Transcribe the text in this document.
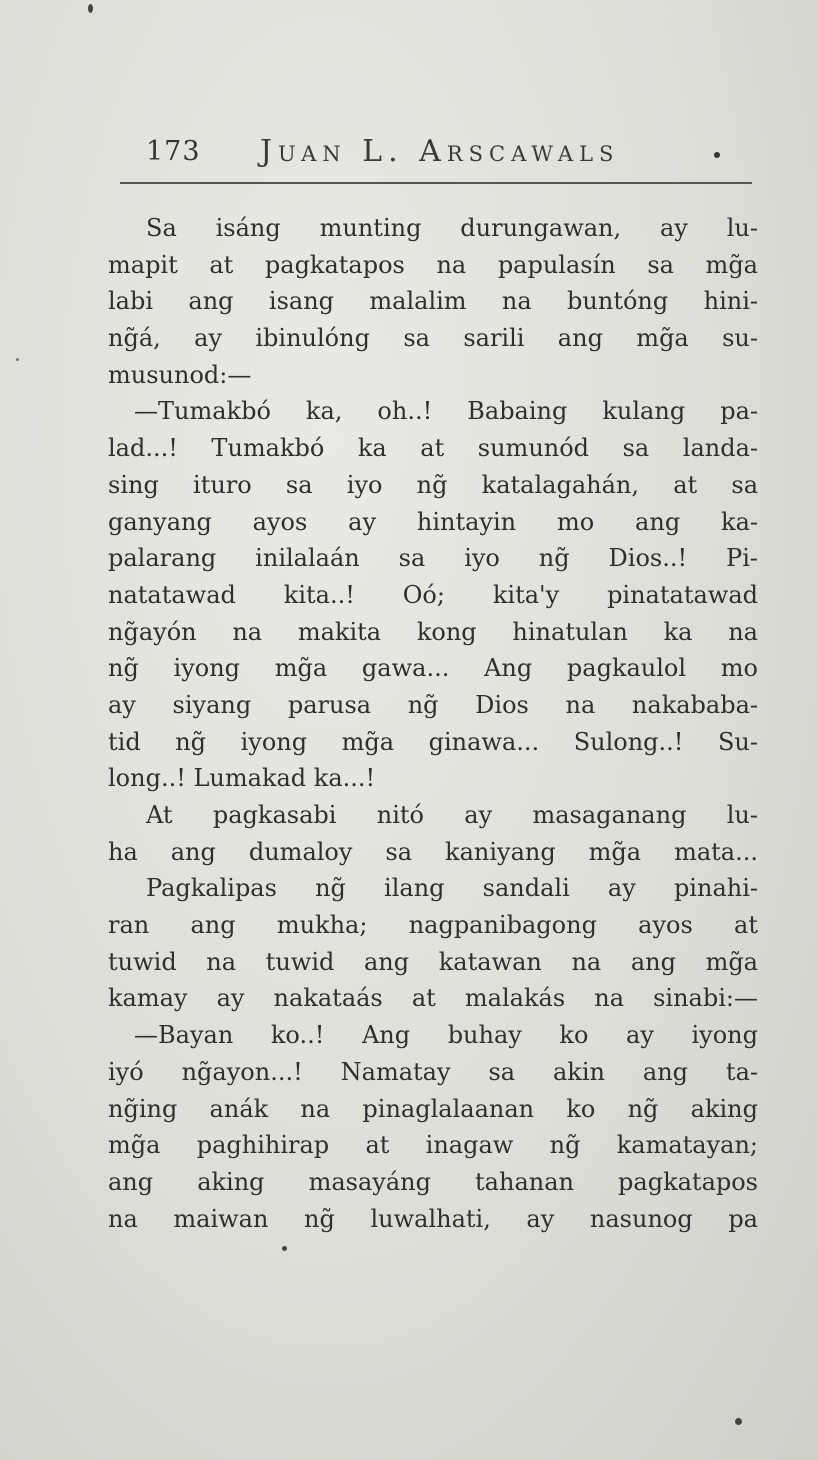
173 Juan L. Arscawals
Sa isáng munting durungawan, ay lu-
mapit at pagkatapos na papulasín sa mg̃a
labi ang isang malalim na buntóng hini-
ng̃á, ay ibinulóng sa sarili ang mg̃a su-
musunod:—
—Tumakbó ka, oh..! Babaing kulang pa-
lad...! Tumakbó ka at sumunód sa landa-
sing ituro sa iyo ng̃ katalagahán, at sa
ganyang ayos ay hintayin mo ang ka-
palarang inilalaán sa iyo ng̃ Dios..! Pi-
natatawad kita..! Oó; kita'y pinatatawad
ng̃ayón na makita kong hinatulan ka na
ng̃ iyong mg̃a gawa... Ang pagkaulol mo
ay siyang parusa ng̃ Dios na nakababa-
tid ng̃ iyong mg̃a ginawa... Sulong..! Su-
long..! Lumakad ka...!
At pagkasabi nitó ay masaganang lu-
ha ang dumaloy sa kaniyang mg̃a mata...
Pagkalipas ng̃ ilang sandali ay pinahi-
ran ang mukha; nagpanibagong ayos at
tuwid na tuwid ang katawan na ang mg̃a
kamay ay nakataás at malakás na sinabi:—
—Bayan ko..! Ang buhay ko ay iyong
iyó ng̃ayon...! Namatay sa akin ang ta-
ng̃ing anák na pinaglalaanan ko ng̃ aking
mg̃a paghihirap at inagaw ng̃ kamatayan;
ang aking masayáng tahanan pagkatapos
na maiwan ng̃ luwalhati, ay nasunog pa
